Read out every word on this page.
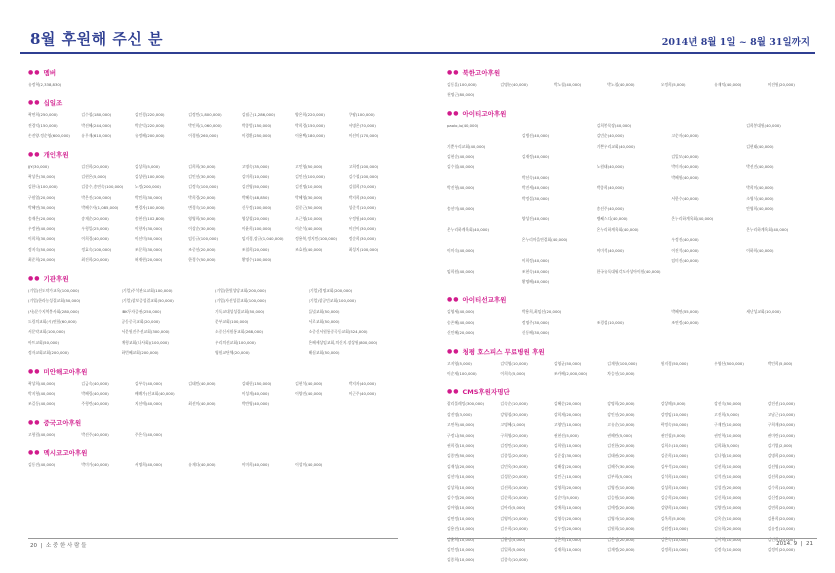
8월 후원해 주신 분	2014년 8월 1일 ~ 8월 31일까지
●● 멤버
유정혁(2,338,830)
●● 십일조
곽연희(250,000)	김수철(180,000)	김인경(220,000)	김정민(1,800,000)	김필근(1,286,000)	양은희(220,000)	쿠팡(100,000)
전경덕(150,000)	박선혜(244,000)	박순덕(220,000)	박인희(1,060,000)	박종범(150,000)	박희경(150,000)	서명은(70,000)
손진양.정순영(600,000)	유무재(610,000)	유정혜(200,000)	이경원(260,000)	이경환(250,000)	이용택(180,000)	이선미(170,000)
●● 개인후원
JJY(30,000)	김건희(20,000)	김상희(5,000)	김희희(30,000)	고명숙(35,000)	고인영(50,000)	고희정(100,000)
곽상은(30,000)	김현은(5,000)	김상현(100,000)	김인선(30,000)	김미희(10,000)	김인선(100,000)	김수철(100,000)
김한나(100,000)	김종수,송연숙(100,000)	노정(200,000)	김정숙(100,000)	김진영(50,000)	김진명(10,000)	김철희(70,000)
구원열(20,000)	박은진(100,000)	박민희(30,000)	박희경(20,000)	박혜숙(48,850)	박혜영(30,000)	박지희(30,000)
박혜연(30,000)	박혜수자(1,085,000)	변경자(100,000)	변경숙(10,000)	신무정(100,000)	설중근(50,000)	성준석(10,000)
송재은(20,000)	송재순(20,000)	송현선(102,800)	영영희(50,000)	영상철(20,000)	오근영(10,000)	우정원(40,000)
우정현(40,000)	우형일(25,000)	이향자(30,000)	이상순(30,000)	이윤희(100,000)	이순석(40,000)	이건이(30,000)
이희희(30,000)	이희경(40,000)	이선미(50,000)	임동규(100,000)	임지경,장규(1,040,000)	정용북,정지민(100,000)	정순희(30,000)
정지숙(50,000)	정효숙(100,000)	조문희(30,000)	조중선(20,000)	조철희(20,000)	조효원(40,000)	최성지(100,000)
최준희(20,000)	최진희(20,000)	허재현(20,000)	한경수(50,000)	황명수(100,000)
●● 기관후원
(기업)선도약가교육(100,000)	(기업)주석관요교회(100,000)	(기업)한빛성당교회(200,000)	(기업)경명교회(200,000)
(기업)한라농성결교회(50,000)	(기업)창보증성결교회(50,000)	(기업)자선성결교회(100,000)	(기업)창공민교회(100,000)
(사)문수지역봉사회(280,000)	IBK투자증권(250,000)	기독교대성성결교회(50,000)	들녘교회(50,000)
드림의교회(시)연합(60,000)	공동중곡교회(20,000)	문부교회(100,000)	서로교회(50,000)
서문약교회(100,000)	서문원진주선교회(300,000)	소중신서원통교회(268,000)	소중신서원통중곡동교회(524,000)
아트교회(50,000)	예형교회(나사회)(100,000)	우리의선교회(100,000)	은혜세상임교회,의신지.장상원(800,000)
정자교회교회(200,000)	하번째교회(200,000)	영원교단체(20,000)	해심교회(50,000)
●● 미안해고아후원
곽상희(40,000)	김금숙(40,000)	김부숙(40,000)	김태민(40,000)	김태헌(150,000)	김현석(40,000)	박지자(40,000)
박지형(40,000)	박혜림(40,000)	배례가(선교회(40,000)	이성재(40,000)	이양진(40,000)	이근주(40,000)
조길동(40,000)	주형련(40,000)	지선애(40,000)	최선미(40,000)	박란영(40,000)
●● 중국고아후원
고형림(40,000)	박선주(40,000)	주은식(40,000)
●● 멕시코고아후원
김동진(40,000)	박미가(40,000)	서명희(40,000)	유재다(40,000)	이미희(40,000)	이성미(40,000)
●● 북한고아후원
김동훈(100,000)	김명눈(40,000)	박노철(40,000)	박노철(40,000)	오정희(5,000)	유재익(40,000)	이진원(20,000)
천명근(80,000)
●● 아이티고아후원
paolo,lu(40,000)	김희봉목장(40,000)	김희봉대원(40,000)
김병선(40,000)	김민순(40,000)	고순자(40,000)
기뿐우리교회(40,000)	기쁜우리교회(40,000)	김현태(40,000)
김현순(40,000)	김재정(40,000)	김일모(40,000)
김수철(40,000)	노원태(40,000)	박미자(40,000)	박선진(40,000)
박선숙(40,000)	박혜원(40,000)
박진형(40,000)	박진세(40,000)	박종희(40,000)	박희미(40,000)
박정섭(30,000)	서한수(40,000)	소영식(40,000)
송선미(40,000)	송선주(40,000)	안영희(40,000)
양성진(40,000)	엠쎄스디(40,000)	온누리하계육회(40,000)
온누리하계육회(40,000)	온누리하계육회(40,000)	온누리하계육회(40,000)
온누리마을연결회(40,000)	우정진(40,000)
이미숙(40,000)	이미석(40,000)	이진석(40,000)	이하희(40,000)
이희정(40,000)	임미진(40,000)
임희원(40,000)	조현숙(40,000)	한국유독대워각도사상아이원(40,000)
황명혜(40,000)
●● 아이티선교후원
김영세(40,000)	박용희,최임선(20,000)	박혜연(55,000)	새난성교회(10,000)
숭존혜(40,000)	정명주(30,000)	조경섭(10,000)	조연정(40,000)
신인혜(20,000)	신동혜(30,000)
●● 청평 호스피스 무료병원 후원
고지영(5,000)	김덕영(10,000)	김영균(50,000)	김재향(100,000)	원지경(50,000)	우영산(500,000)	박인희(5,000)
이순제(100,000)	이희숙(5,000)	조카혜(2,000,000)	차승선(10,000)
●● CMS후원자명단
잘리풀레밍(300,000)	김숙순(10,000)	김혜순(20,000)	강명희(20,000)	강상헤(5,000)	강선숙(50,000)	강진선(10,000)
강진명(3,000)	강영철(30,000)	강희제(20,000)	강인선(20,000)	강정임(10,000)	고진희(5,000)	고남근(10,000)
고연복(40,000)	고명혜(1,000)	고영민(10,000)	고유순(10,000)	곽정숙(50,000)	구재민(10,000)	구희재(30,000)
구정니(50,000)	구희영(20,000)	권현선(5,000)	권해란(5,000)	권인철(5,000)	권인혁(10,000)	권미란(10,000)
권희경(10,000)	김정민(10,000)	김희원(10,000)	김진한(20,000)	김희소(10,000)	김희화(5,000)	김기열(2,000)
김종면(50,000)	김종일(20,000)	김준삼(30,000)	김태권(20,000)	김준희(10,000)	김나영(10,000)	김명희(20,000)
김재성(20,000)	김민욱(30,000)	김해상(20,000)	김해주(30,000)	김부석(20,000)	김선희(10,000)	김선영(10,000)
김선미(10,000)	김성문(20,000)	김민근(10,000)	김부희(5,000)	김석희(10,000)	김석진(10,000)	김선희(20,000)
김상희(10,000)	김선희(10,000)	김영희(20,000)	김영진(10,000)	김성희(10,000)	김성진(20,000)	김수희(10,000)
김수정(20,000)	김순희(10,000)	김순미(5,000)	김승원(10,000)	김승희(20,000)	김신희(10,000)	김신정(20,000)
김아영(10,000)	김아라(5,000)	김애희(10,000)	김애정(20,000)	김양희(10,000)	김양진(10,000)	김연희(20,000)
김연정(10,000)	김영미(10,000)	김영숙(20,000)	김영자(10,000)	김옥희(5,000)	김옥순(10,000)	김용희(20,000)
김용진(10,000)	김우희(10,000)	김우정(20,000)	김원희(10,000)	김원정(10,000)	김유희(20,000)	김유정(10,000)
김윤희(10,000)	김윤정(5,000)	김은희(10,000)	김은정(20,000)	김은숙(10,000)	김이희(10,000)	김인희(20,000)
김인정(10,000)	김일희(5,000)	김재희(10,000)	김재정(20,000)	김정희(10,000)	김정숙(10,000)	김정미(20,000)
김종희(10,000)	김종숙(10,000)
20  |  소 중 한 사 람 들	2014. 9  |  21
